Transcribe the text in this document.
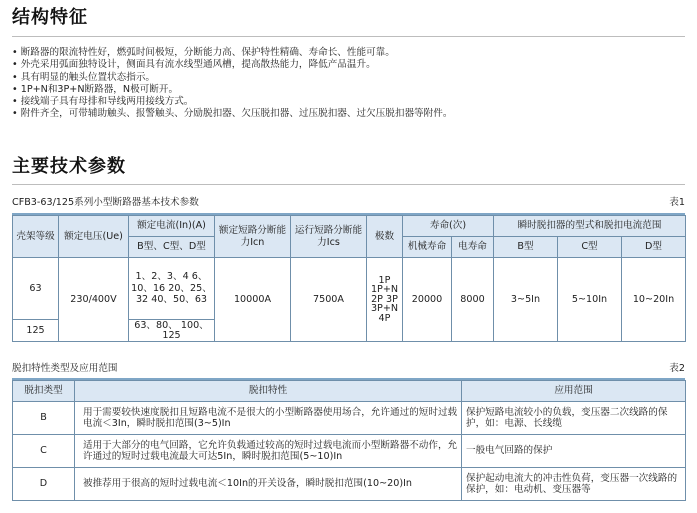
结构特征
• 断路器的限流特性好，燃弧时间极短，分断能力高、保护特性精确、寿命长、性能可靠。
• 外壳采用弧面独特设计，侧面具有流水线型通风槽，提高散热能力，降低产品温升。
• 具有明显的触头位置状态指示。
• 1P+N和3P+N断路器，N极可断开。
• 接线端子具有母排和导线两用接线方式。
• 附件齐全，可带辅助触头、报警触头、分励脱扣器、欠压脱扣器、过压脱扣器、过欠压脱扣器等附件。
主要技术参数
CFB3-63/125系列小型断路器基本技术参数	表1
壳架等级	额定电压(Ue)	额定电流(In)(A)	额定短路分断能力Icn	运行短路分断能力Ics	极数	寿命(次)		瞬时脱扣器的型式和脱扣电流范围		
		B型、C型、D型				机械寿命	电寿命	B型	C型	D型
63	230/400V	1、2、3、4 6、10、16 20、25、32 40、50、63	10000A	7500A	1P 1P+N 2P 3P 3P+N 4P	20000	8000	3~5In	5~10In	10~20In
125		63、80、 100、125								
脱扣特性类型及应用范围	表2
脱扣类型	脱扣特性	应用范围
B	用于需要较快速度脱扣且短路电流不是很大的小型断路器使用场合，允许通过的短时过载电流＜3In，瞬时脱扣范围(3~5)In	保护短路电流较小的负载，变压器二次线路的保护，如：电源、长线缆
C	适用于大部分的电气回路，它允许负载通过较高的短时过载电流而小型断路器不动作，允许通过的短时过载电流最大可达5In，瞬时脱扣范围(5~10)In	一般电气回路的保护
D	被推荐用于很高的短时过载电流＜10In的开关设备，瞬时脱扣范围(10~20)In	保护起动电流大的冲击性负荷，变压器一次线路的保护，如：电动机、变压器等
